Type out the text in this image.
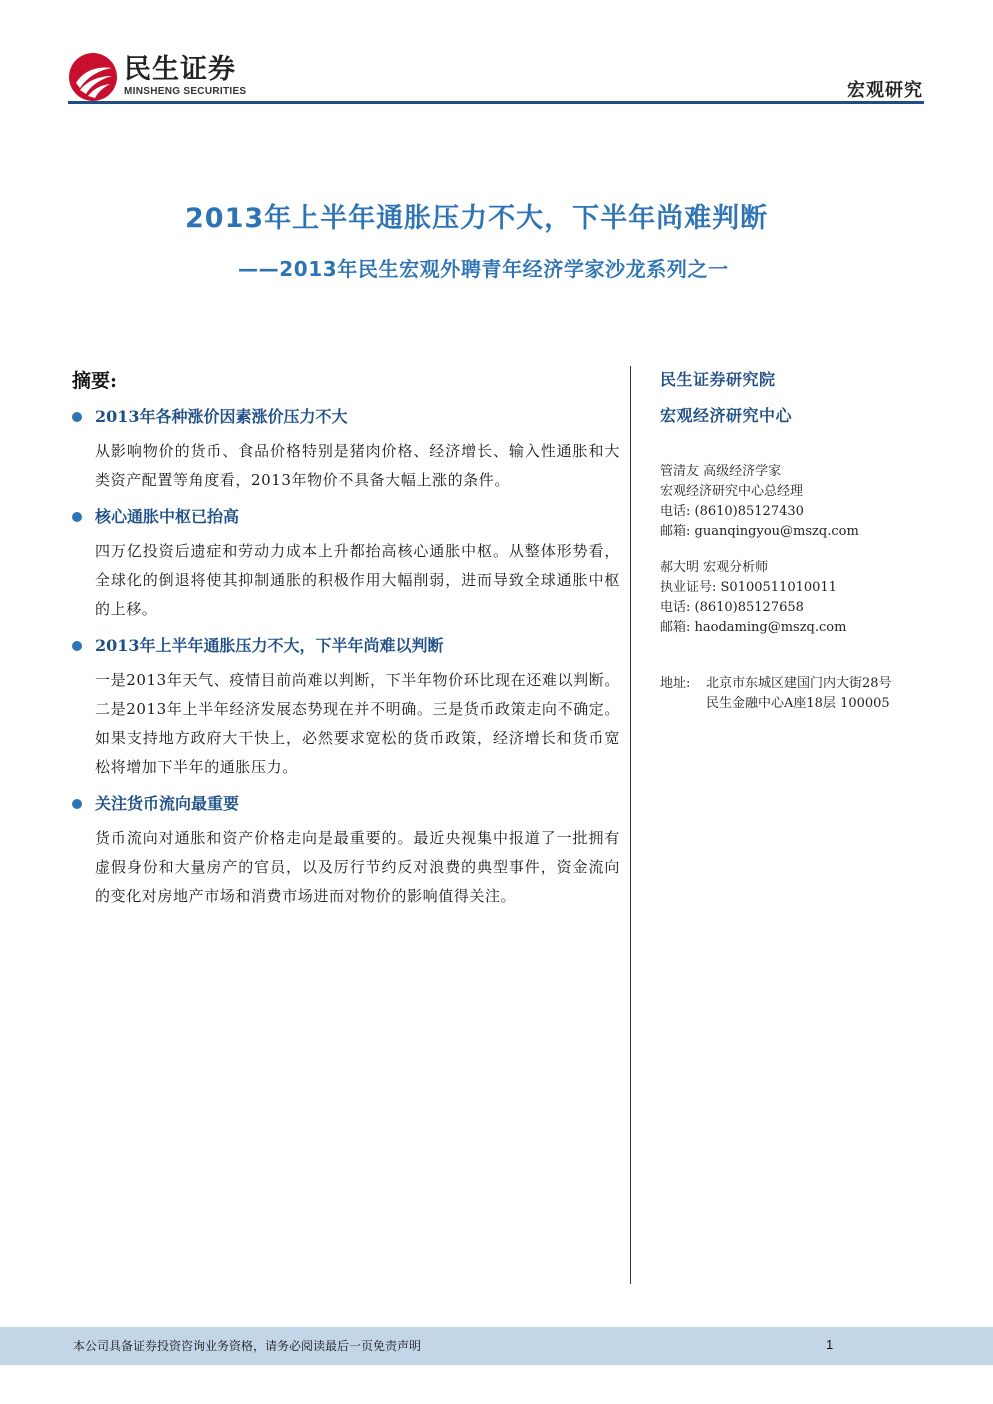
民生证券
MINSHENG SECURITIES	宏观研究
2013年上半年通胀压力不大，下半年尚难判断
——2013年民生宏观外聘青年经济学家沙龙系列之一
摘要:
2013年各种涨价因素涨价压力不大
从影响物价的货币、食品价格特别是猪肉价格、经济增长、输入性通胀和大类资产配置等角度看，2013年物价不具备大幅上涨的条件。
核心通胀中枢已抬高
四万亿投资后遗症和劳动力成本上升都抬高核心通胀中枢。从整体形势看，全球化的倒退将使其抑制通胀的积极作用大幅削弱，进而导致全球通胀中枢的上移。
2013年上半年通胀压力不大，下半年尚难以判断
一是2013年天气、疫情目前尚难以判断，下半年物价环比现在还难以判断。二是2013年上半年经济发展态势现在并不明确。三是货币政策走向不确定。如果支持地方政府大干快上，必然要求宽松的货币政策，经济增长和货币宽松将增加下半年的通胀压力。
关注货币流向最重要
货币流向对通胀和资产价格走向是最重要的。最近央视集中报道了一批拥有虚假身份和大量房产的官员，以及厉行节约反对浪费的典型事件，资金流向的变化对房地产市场和消费市场进而对物价的影响值得关注。
民生证券研究院
宏观经济研究中心
管清友 高级经济学家
宏观经济研究中心总经理
电话: (8610)85127430
邮箱: guanqingyou@mszq.com
郝大明 宏观分析师
执业证号: S0100511010011
电话: (8610)85127658
邮箱: haodaming@mszq.com
地址:	北京市东城区建国门内大街28号
民生金融中心A座18层 100005
本公司具备证券投资咨询业务资格，请务必阅读最后一页免责声明	1
